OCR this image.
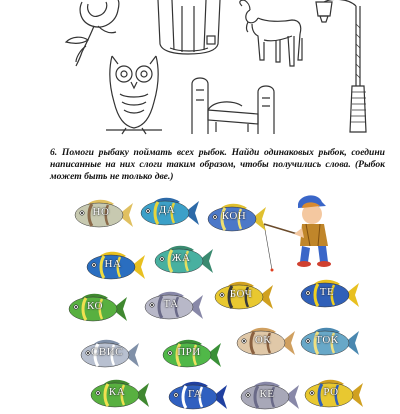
6. Помоги рыбаку поймать всех рыбок. Найди одинаковых рыбок, соедини написанные на них слоги таким образом, чтобы получились слова. (Рыбок может быть не только две.)
НО	ДА	КОН
НА	ЖА
КО	ТА
БОЧ	ТЕ
СВИС	ПРИ
ОК	ТОК
КА	ГА	КЕ	РО
